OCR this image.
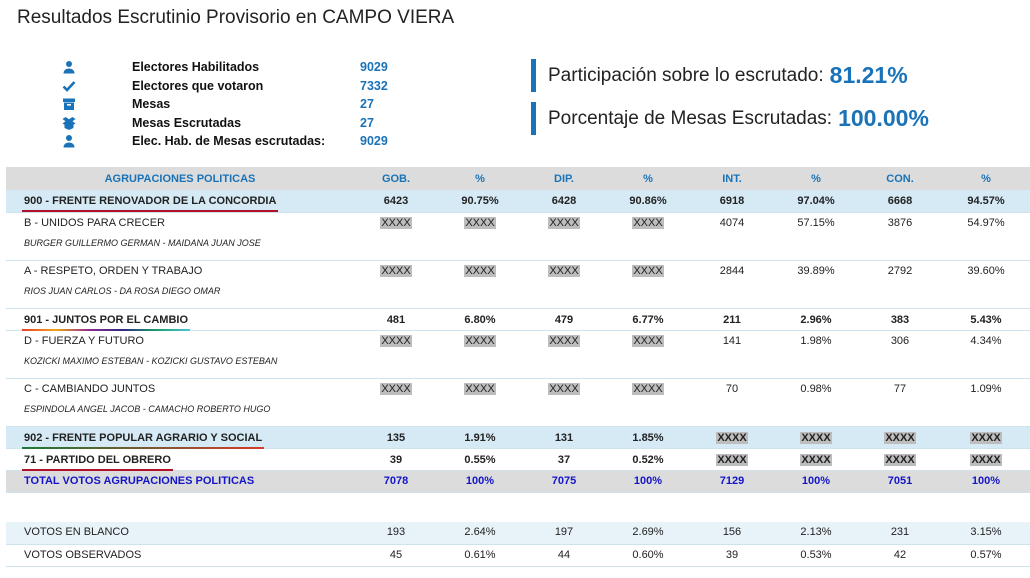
Resultados Escrutinio Provisorio en CAMPO VIERA
Electores Habilitados	9029
Electores que votaron	7332
Mesas	27
Mesas Escrutadas	27
Elec. Hab. de Mesas escrutadas:	9029
Participación sobre lo escrutado: 81.21%
Porcentaje de Mesas Escrutadas: 100.00%
AGRUPACIONES POLITICAS	GOB.	%	DIP.	%	INT.	%	CON.	%
900 - FRENTE RENOVADOR DE LA CONCORDIA	6423	90.75%	6428	90.86%	6918	97.04%	6668	94.57%
B - UNIDOS PARA CRECER
BURGER GUILLERMO GERMAN - MAIDANA JUAN JOSE	XXXX	XXXX	XXXX	XXXX	4074	57.15%	3876	54.97%
A - RESPETO, ORDEN Y TRABAJO
RIOS JUAN CARLOS - DA ROSA DIEGO OMAR	XXXX	XXXX	XXXX	XXXX	2844	39.89%	2792	39.60%
901 - JUNTOS POR EL CAMBIO	481	6.80%	479	6.77%	211	2.96%	383	5.43%
D - FUERZA Y FUTURO
KOZICKI MAXIMO ESTEBAN - KOZICKI GUSTAVO ESTEBAN	XXXX	XXXX	XXXX	XXXX	141	1.98%	306	4.34%
C - CAMBIANDO JUNTOS
ESPINDOLA ANGEL JACOB - CAMACHO ROBERTO HUGO	XXXX	XXXX	XXXX	XXXX	70	0.98%	77	1.09%
902 - FRENTE POPULAR AGRARIO Y SOCIAL	135	1.91%	131	1.85%	XXXX	XXXX	XXXX	XXXX
71 - PARTIDO DEL OBRERO	39	0.55%	37	0.52%	XXXX	XXXX	XXXX	XXXX
TOTAL VOTOS AGRUPACIONES POLITICAS	7078	100%	7075	100%	7129	100%	7051	100%

VOTOS EN BLANCO	193	2.64%	197	2.69%	156	2.13%	231	3.15%
VOTOS OBSERVADOS	45	0.61%	44	0.60%	39	0.53%	42	0.57%
